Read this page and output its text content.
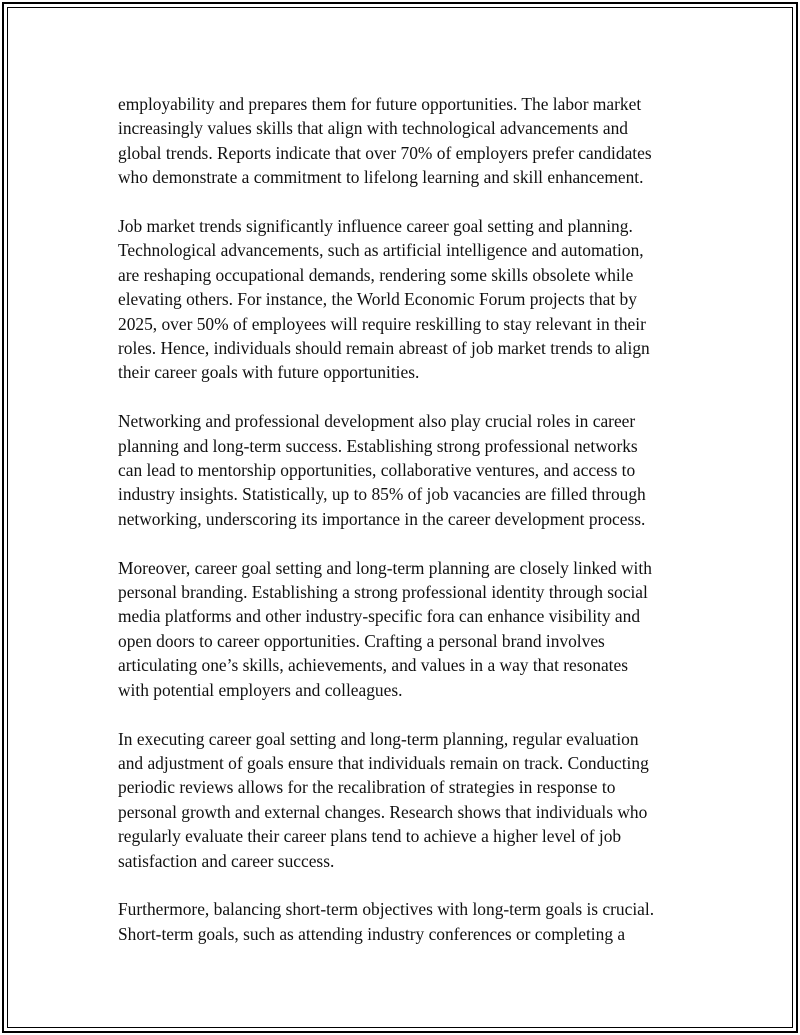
employability and prepares them for future opportunities. The labor market
increasingly values skills that align with technological advancements and
global trends. Reports indicate that over 70% of employers prefer candidates
who demonstrate a commitment to lifelong learning and skill enhancement.

Job market trends significantly influence career goal setting and planning.
Technological advancements, such as artificial intelligence and automation,
are reshaping occupational demands, rendering some skills obsolete while
elevating others. For instance, the World Economic Forum projects that by
2025, over 50% of employees will require reskilling to stay relevant in their
roles. Hence, individuals should remain abreast of job market trends to align
their career goals with future opportunities.

Networking and professional development also play crucial roles in career
planning and long-term success. Establishing strong professional networks
can lead to mentorship opportunities, collaborative ventures, and access to
industry insights. Statistically, up to 85% of job vacancies are filled through
networking, underscoring its importance in the career development process.

Moreover, career goal setting and long-term planning are closely linked with
personal branding. Establishing a strong professional identity through social
media platforms and other industry-specific fora can enhance visibility and
open doors to career opportunities. Crafting a personal brand involves
articulating one’s skills, achievements, and values in a way that resonates
with potential employers and colleagues.

In executing career goal setting and long-term planning, regular evaluation
and adjustment of goals ensure that individuals remain on track. Conducting
periodic reviews allows for the recalibration of strategies in response to
personal growth and external changes. Research shows that individuals who
regularly evaluate their career plans tend to achieve a higher level of job
satisfaction and career success.

Furthermore, balancing short-term objectives with long-term goals is crucial.
Short-term goals, such as attending industry conferences or completing a
